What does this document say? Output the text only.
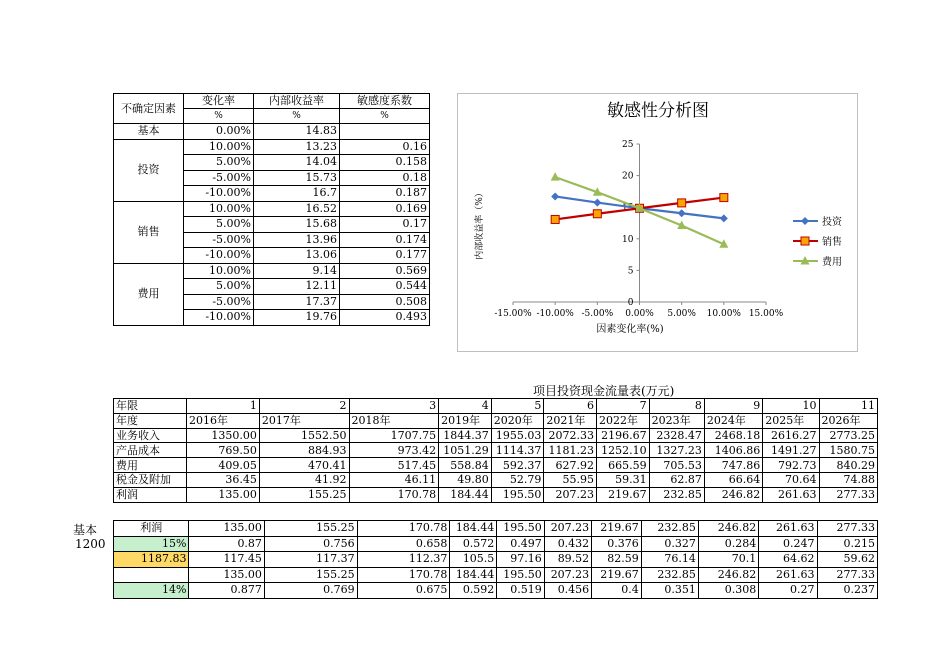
不确定因素	变化率	内部收益率	敏感度系数
	%	%	%
基本	0.00%	14.83	
投资	10.00%	13.23	0.16
	5.00%	14.04	0.158
	-5.00%	15.73	0.18
	-10.00%	16.7	0.187
销售	10.00%	16.52	0.169
	5.00%	15.68	0.17
	-5.00%	13.96	0.174
	-10.00%	13.06	0.177
费用	10.00%	9.14	0.569
	5.00%	12.11	0.544
	-5.00%	17.37	0.508
	-10.00%	19.76	0.493
敏感性分析图
0
5
10
15
20
25
-15.00% -10.00% -5.00% 0.00% 5.00% 10.00% 15.00%
因素变化率(%)
内部收益率（%）	投资
销售
费用
项目投资现金流量表(万元)
年限	1	2	3	4	5	6	7	8	9	10	11
年度	2016年	2017年	2018年	2019年	2020年	2021年	2022年	2023年	2024年	2025年	2026年
业务收入	1350.00	1552.50	1707.75	1844.37	1955.03	2072.33	2196.67	2328.47	2468.18	2616.27	2773.25
产品成本	769.50	884.93	973.42	1051.29	1114.37	1181.23	1252.10	1327.23	1406.86	1491.27	1580.75
费用	409.05	470.41	517.45	558.84	592.37	627.92	665.59	705.53	747.86	792.73	840.29
税金及附加	36.45	41.92	46.11	49.80	52.79	55.95	59.31	62.87	66.64	70.64	74.88
利润	135.00	155.25	170.78	184.44	195.50	207.23	219.67	232.85	246.82	261.63	277.33
基本
1200
利润	135.00	155.25	170.78	184.44	195.50	207.23	219.67	232.85	246.82	261.63	277.33
15%	0.87	0.756	0.658	0.572	0.497	0.432	0.376	0.327	0.284	0.247	0.215
1187.83	117.45	117.37	112.37	105.5	97.16	89.52	82.59	76.14	70.1	64.62	59.62
	135.00	155.25	170.78	184.44	195.50	207.23	219.67	232.85	246.82	261.63	277.33
14%	0.877	0.769	0.675	0.592	0.519	0.456	0.4	0.351	0.308	0.27	0.237
